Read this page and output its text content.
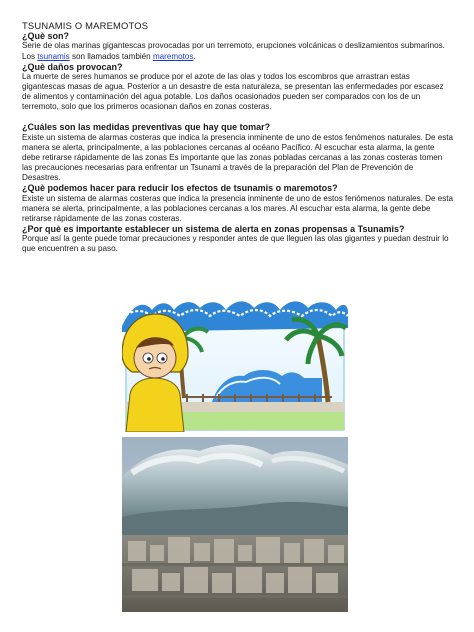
TSUNAMIS O MAREMOTOS
¿Què son?

Serie de olas marinas gigantescas provocadas por un terremoto, erupciones volcánicas o deslizamientos submarinos. Los tsunamis son llamados también maremotos.

¿Què daños provocan?

La muerte de seres humanos se produce por el azote de las olas y todos los escombros que arrastran estas gigantescas masas de agua. Posterior a un desastre de esta naturaleza, se presentan las enfermedades por escasez de alimentos y contaminación del agua potable. Los daños ocasionados pueden ser comparados con los de un terremoto, solo que los primeros ocasionan daños en zonas costeras.

¿Cuáles son las medidas preventivas que hay que tomar?

Existe un sistema de alarmas costeras que indica la presencia inminente de uno de estos fenómenos naturales. De esta manera se alerta, principalmente, a las poblaciones cercanas al océano Pacífico. Al escuchar esta alarma, la gente debe retirarse rápidamente de las zonas Es importante que las zonas pobladas cercanas a las zonas costeras tomen las precauciones necesarias para enfrentar un Tsunami a través de la preparación del Plan de Prevención de Desastres.

¿Què podemos hacer para reducir los efectos de tsunamis o maremotos?

Existe un sistema de alarmas costeras que indica la presencia inminente de uno de estos fenómenos naturales. De esta manera se alerta, principalmente, a las poblaciones cercanas a los mares. Al escuchar esta alarma, la gente debe retirarse rápidamente de las zonas costeras.

¿Por què es importante establecer un sistema de alerta en zonas propensas a Tsunamis?

Porque así la gente puede tomar precauciones y responder antes de que lleguen las olas gigantes y puedan destruir lo que encuentren a su paso.
